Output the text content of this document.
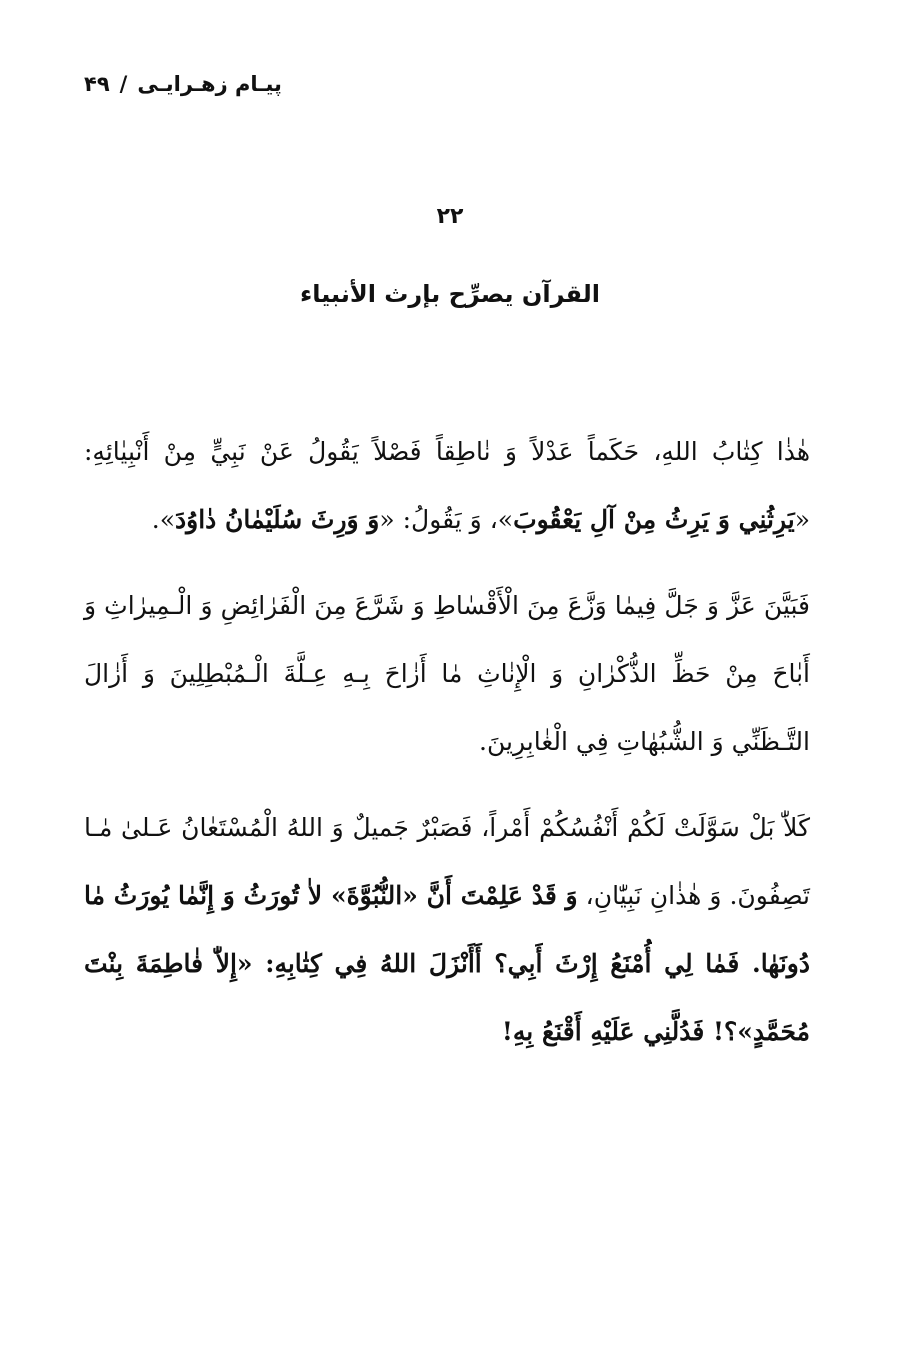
پیـام زهـرایـی/۴۹
۲۲
القرآن يصرِّح بإرث الأنبياء

هٰذٰا كِتٰابُ اللهِ، حَكَماً عَدْلاً وَ نٰاطِقاً فَصْلاً يَقُولُ عَنْ نَبِيٍّ مِنْ أَنْبِيٰائِهِ: «يَرِثُنِي وَ يَرِثُ مِنْ آلِ يَعْقُوبَ»، وَ يَقُولُ: «وَ وَرِثَ سُلَيْمٰانُ دٰاوُدَ».

فَبَيَّنَ عَزَّ وَ جَلَّ فِيمٰا وَزَّعَ مِنَ الْأَقْسٰاطِ وَ شَرَّعَ مِنَ الْفَرٰائِضِ وَ الْـمِيرٰاثِ وَ أَبٰاحَ مِنْ حَظِّ الذُّكْرٰانِ وَ الْإِنٰاثِ مٰا أَزٰاحَ بِـهِ عِـلَّةَ الْـمُبْطِلِينَ وَ أَزٰالَ التَّـظَنِّي وَ الشُّبُهٰاتِ فِي الْغٰابِرِينَ.

كَلاّٰ بَلْ سَوَّلَتْ لَكُمْ أَنْفُسُكُمْ أَمْراً، فَصَبْرٌ جَميلٌ وَ اللهُ الْمُسْتَعٰانُ عَـلىٰ مٰـا تَصِفُونَ. وَ هٰذٰانِ نَبِيّٰانِ، وَ قَدْ عَلِمْتَ أَنَّ «النُّبُوَّةَ» لاٰ تُورَثُ وَ إِنَّمٰا يُورَثُ مٰا دُونَهٰا. فَمٰا لِي أُمْنَعُ إِرْثَ أَبِي؟ أَأَنْزَلَ اللهُ فِي كِتٰابِهِ: «إِلاّٰ فٰاطِمَةَ بِنْتَ مُحَمَّدٍ»؟! فَدُلَّنِي عَلَيْهِ أَقْنَعُ بِهِ!
